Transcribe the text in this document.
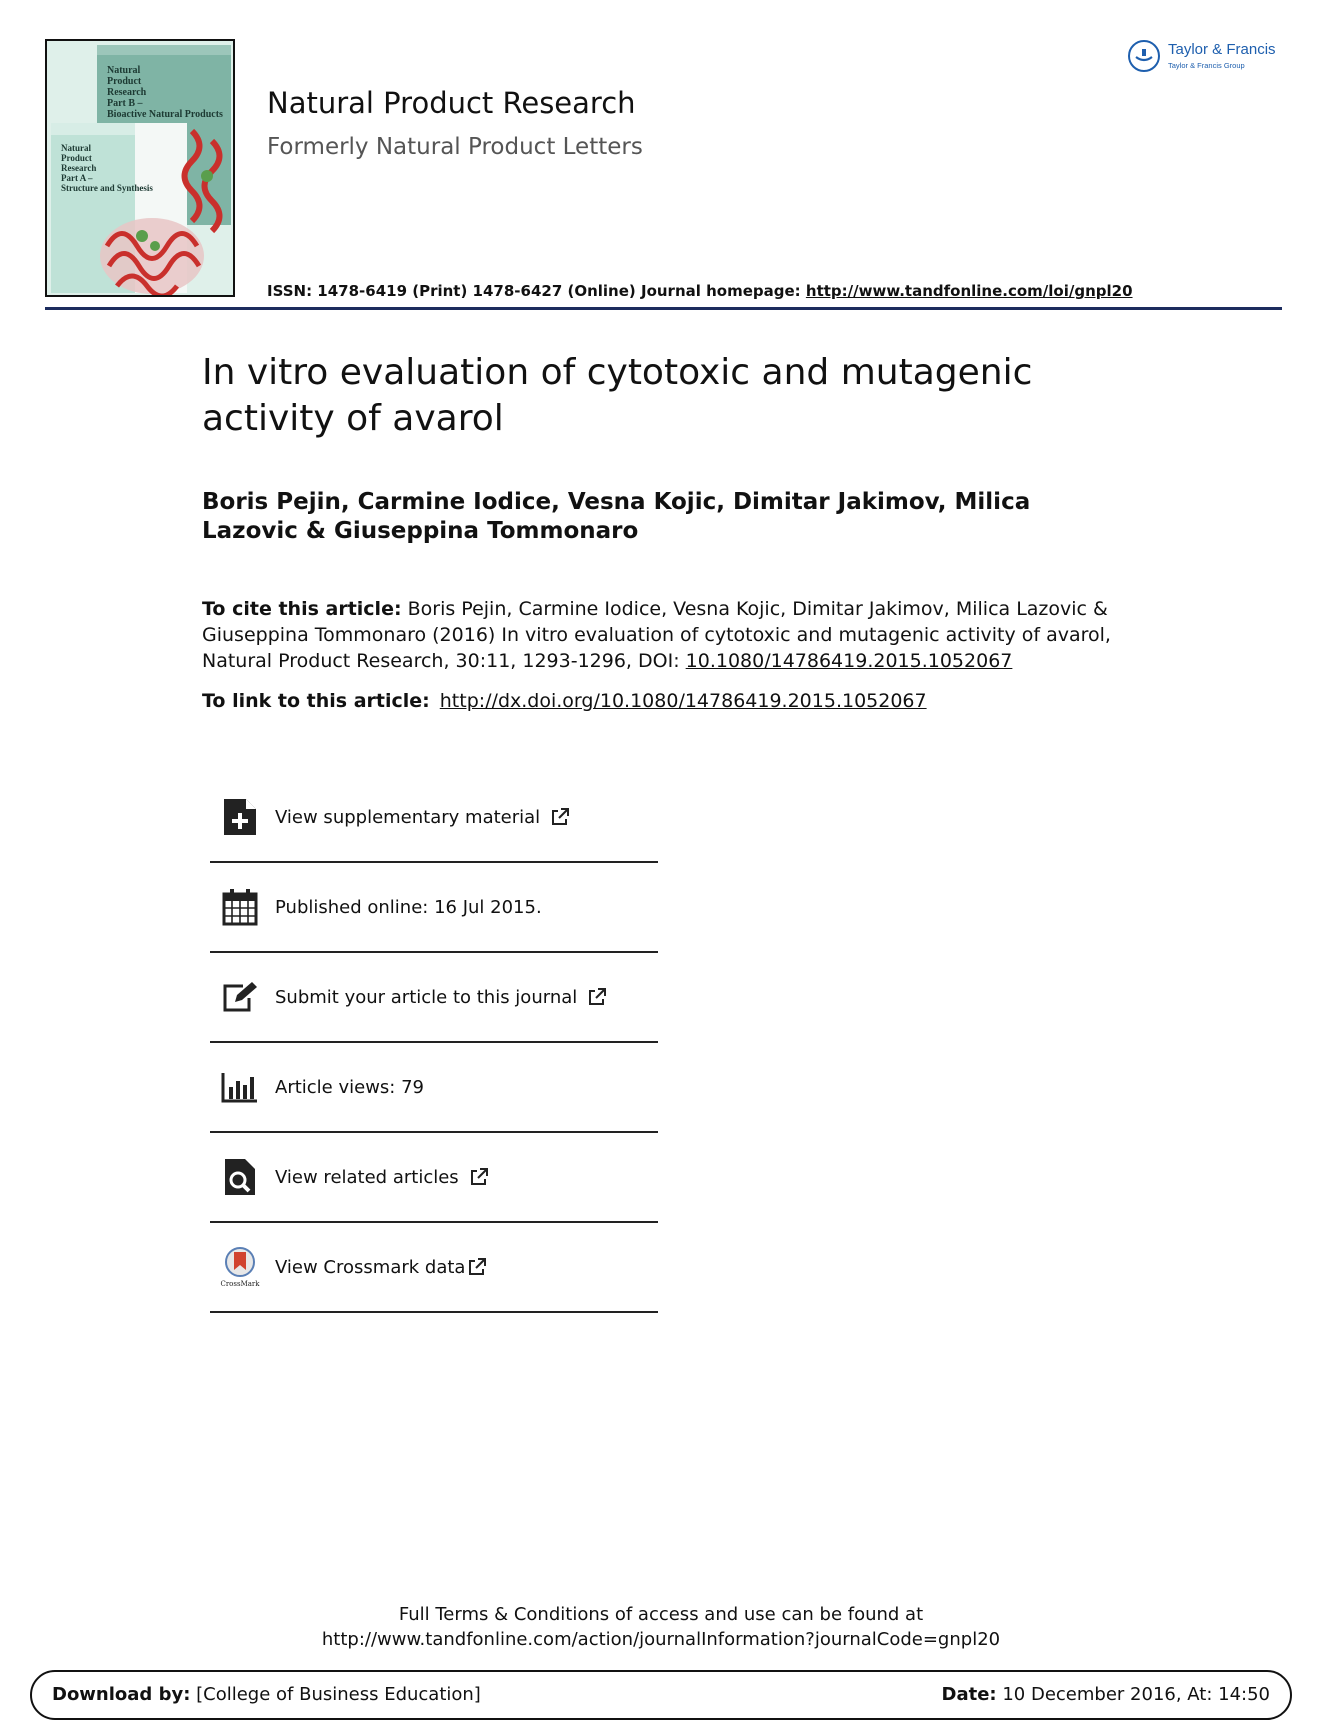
Natural
Product
Research
Part B –
Bioactive Natural Products
Natural
Product
Research
Part A –
Structure and Synthesis
Natural Product Research
Formerly Natural Product Letters
ISSN: 1478-6419 (Print) 1478-6427 (Online) Journal homepage: http://www.tandfonline.com/loi/gnpl20
Taylor & Francis
Taylor & Francis Group
In vitro evaluation of cytotoxic and mutagenic activity of avarol
Boris Pejin, Carmine Iodice, Vesna Kojic, Dimitar Jakimov, Milica Lazovic & Giuseppina Tommonaro
To cite this article: Boris Pejin, Carmine Iodice, Vesna Kojic, Dimitar Jakimov, Milica Lazovic & Giuseppina Tommonaro (2016) In vitro evaluation of cytotoxic and mutagenic activity of avarol, Natural Product Research, 30:11, 1293-1296, DOI: 10.1080/14786419.2015.1052067
To link to this article: http://dx.doi.org/10.1080/14786419.2015.1052067
View supplementary material
Published online: 16 Jul 2015.
Submit your article to this journal
Article views: 79
View related articles
CrossMark
View Crossmark data
Full Terms & Conditions of access and use can be found at
http://www.tandfonline.com/action/journalInformation?journalCode=gnpl20
Download by: [College of Business Education]	Date: 10 December 2016, At: 14:50
